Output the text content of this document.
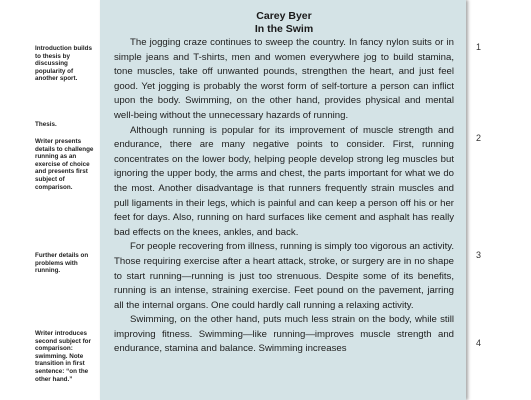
Introduction builds to thesis by discussing popularity of another sport.
Thesis.
Writer presents details to challenge running as an exercise of choice and presents first subject of comparison.
Further details on problems with running.
Writer introduces second subject for comparison: swimming. Note transition in first sentence: “on the other hand.”

Carey Byer

In the Swim

The jogging craze continues to sweep the country. In fancy nylon suits or in simple jeans and T-shirts, men and women everywhere jog to build stamina, tone muscles, take off unwanted pounds, strengthen the heart, and just feel good. Yet jogging is probably the worst form of self-torture a person can inflict upon the body. Swimming, on the other hand, provides physical and mental well-being without the unnecessary hazards of running.

Although running is popular for its improvement of muscle strength and endurance, there are many negative points to consider. First, running concentrates on the lower body, helping people develop strong leg muscles but ignoring the upper body, the arms and chest, the parts important for what we do the most. Another disadvantage is that runners frequently strain muscles and pull ligaments in their legs, which is painful and can keep a person off his or her feet for days. Also, running on hard surfaces like cement and asphalt has really bad effects on the knees, ankles, and back.

For people recovering from illness, running is simply too vigorous an activity. Those requiring exercise after a heart attack, stroke, or surgery are in no shape to start running—running is just too strenuous. Despite some of its benefits, running is an intense, straining exercise. Feet pound on the pavement, jarring all the internal organs. One could hardly call running a relaxing activity.

Swimming, on the other hand, puts much less strain on the body, while still improving fitness. Swimming—like running—improves muscle strength and endurance, stamina and balance. Swimming increases

1
2
3
4
